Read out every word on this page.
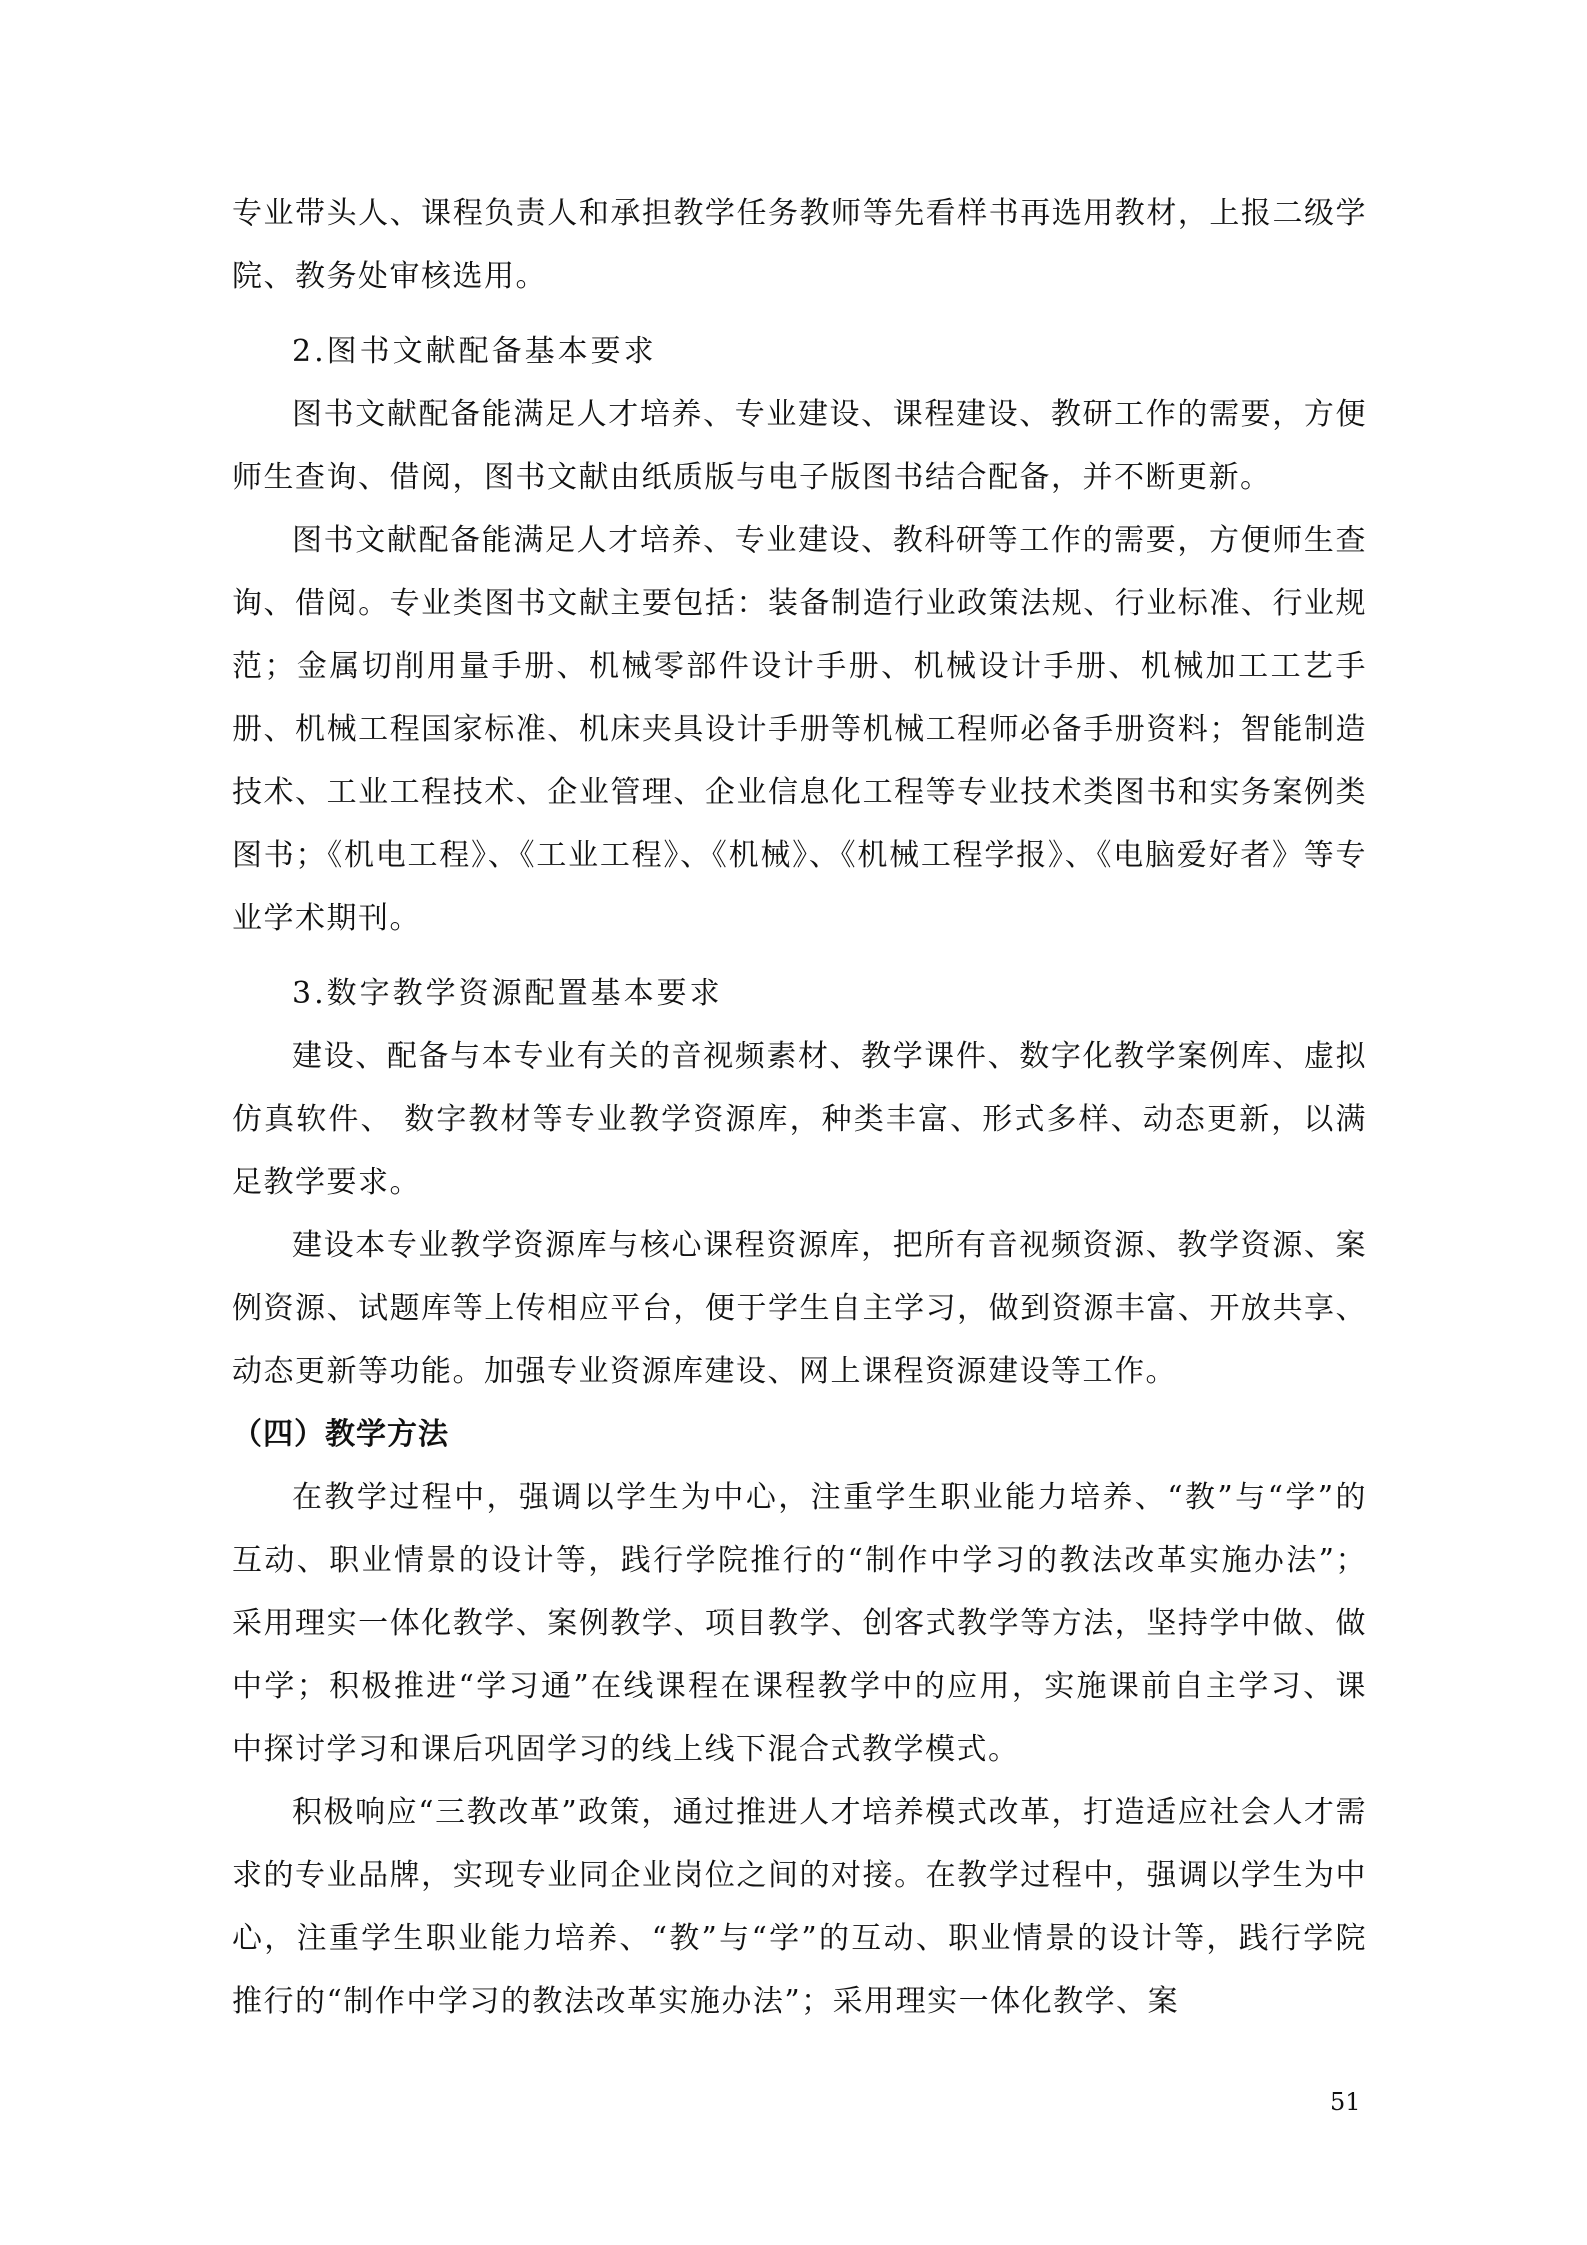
专业带头人、课程负责人和承担教学任务教师等先看样书再选用教材，上报二级学院、教务处审核选用。

2.图书文献配备基本要求

图书文献配备能满足人才培养、专业建设、课程建设、教研工作的需要，方便师生查询、借阅，图书文献由纸质版与电子版图书结合配备，并不断更新。

图书文献配备能满足人才培养、专业建设、教科研等工作的需要，方便师生查询、借阅。专业类图书文献主要包括：装备制造行业政策法规、行业标准、行业规范；金属切削用量手册、机械零部件设计手册、机械设计手册、机械加工工艺手册、机械工程国家标准、机床夹具设计手册等机械工程师必备手册资料；智能制造技术、工业工程技术、企业管理、企业信息化工程等专业技术类图书和实务案例类图书；《机电工程》、《工业工程》、《机械》、《机械工程学报》、《电脑爱好者》等专业学术期刊。

3.数字教学资源配置基本要求

建设、配备与本专业有关的音视频素材、教学课件、数字化教学案例库、虚拟仿真软件、 数字教材等专业教学资源库，种类丰富、形式多样、动态更新，以满足教学要求。

建设本专业教学资源库与核心课程资源库，把所有音视频资源、教学资源、案例资源、试题库等上传相应平台，便于学生自主学习，做到资源丰富、开放共享、动态更新等功能。加强专业资源库建设、网上课程资源建设等工作。

（四）教学方法

在教学过程中，强调以学生为中心，注重学生职业能力培养、“教”与“学”的互动、职业情景的设计等，践行学院推行的“制作中学习的教法改革实施办法”；采用理实一体化教学、案例教学、项目教学、创客式教学等方法，坚持学中做、做中学；积极推进“学习通”在线课程在课程教学中的应用，实施课前自主学习、课中探讨学习和课后巩固学习的线上线下混合式教学模式。

积极响应“三教改革”政策，通过推进人才培养模式改革，打造适应社会人才需求的专业品牌，实现专业同企业岗位之间的对接。在教学过程中，强调以学生为中心，注重学生职业能力培养、“教”与“学”的互动、职业情景的设计等，践行学院推行的“制作中学习的教法改革实施办法”；采用理实一体化教学、案

51
